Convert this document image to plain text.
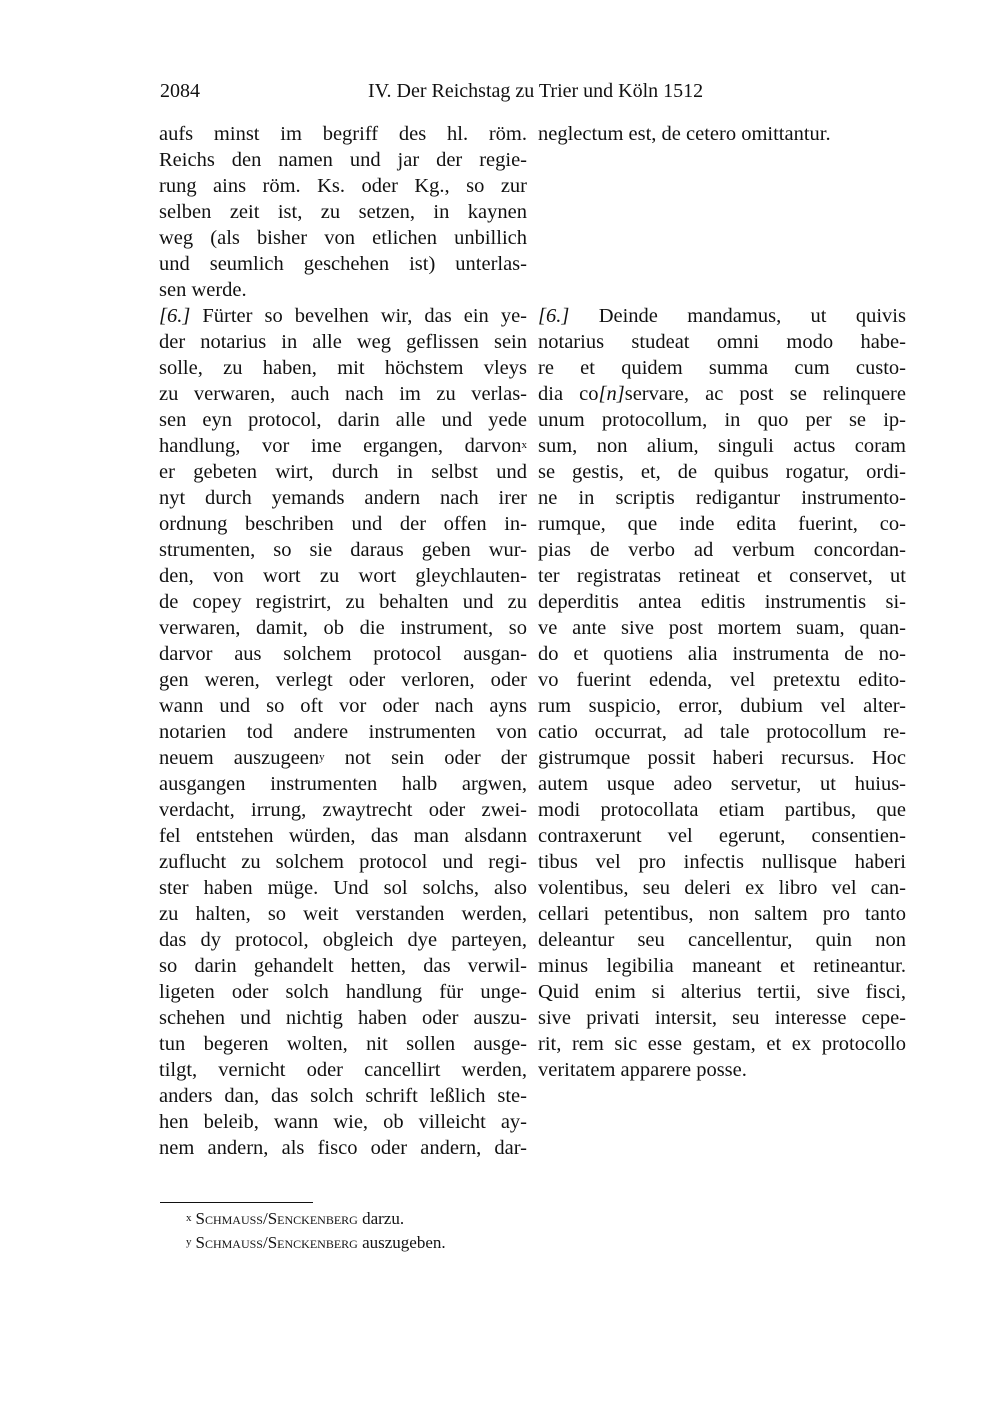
2084	IV. Der Reichstag zu Trier und Köln 1512
aufs minst im begriff des hl. röm.
Reichs den namen und jar der regie-
rung ains röm. Ks. oder Kg., so zur
selben zeit ist, zu setzen, in kaynen
weg (als bisher von etlichen unbillich
und seumlich geschehen ist) unterlas-
sen werde.
[6.] Fürter so bevelhen wir, das ein ye-
der notarius in alle weg geflissen sein
solle, zu haben, mit höchstem vleys
zu verwaren, auch nach im zu verlas-
sen eyn protocol, darin alle und yede
handlung, vor ime ergangen, darvon$^x$
er gebeten wirt, durch in selbst und
nyt durch yemands andern nach irer
ordnung beschriben und der offen in-
strumenten, so sie daraus geben wur-
den, von wort zu wort gleychlauten-
de copey registrirt, zu behalten und zu
verwaren, damit, ob die instrument, so
darvor aus solchem protocol ausgan-
gen weren, verlegt oder verloren, oder
wann und so oft vor oder nach ayns
notarien tod andere instrumenten von
neuem auszugeen$^y$ not sein oder der
ausgangen instrumenten halb argwen,
verdacht, irrung, zwaytrecht oder zwei-
fel entstehen würden, das man alsdann
zuflucht zu solchem protocol und regi-
ster haben müge. Und sol solchs, also
zu halten, so weit verstanden werden,
das dy protocol, obgleich dye parteyen,
so darin gehandelt hetten, das verwil-
ligeten oder solch handlung für unge-
schehen und nichtig haben oder auszu-
tun begeren wolten, nit sollen ausge-
tilgt, vernicht oder cancellirt werden,
anders dan, das solch schrift leßlich ste-
hen beleib, wann wie, ob villeicht ay-
nem andern, als fisco oder andern, dar-
neglectum est, de cetero omittantur.
[6.] Deinde mandamus, ut quivis
notarius studeat omni modo habe-
re et quidem summa cum custo-
dia co[n]servare, ac post se relinquere
unum protocollum, in quo per se ip-
sum, non alium, singuli actus coram
se gestis, et, de quibus rogatur, ordi-
ne in scriptis redigantur instrumento-
rumque, que inde edita fuerint, co-
pias de verbo ad verbum concordan-
ter registratas retineat et conservet, ut
deperditis antea editis instrumentis si-
ve ante sive post mortem suam, quan-
do et quotiens alia instrumenta de no-
vo fuerint edenda, vel pretextu edito-
rum suspicio, error, dubium vel alter-
catio occurrat, ad tale protocollum re-
gistrumque possit haberi recursus. Hoc
autem usque adeo servetur, ut huius-
modi protocollata etiam partibus, que
contraxerunt vel egerunt, consentien-
tibus vel pro infectis nullisque haberi
volentibus, seu deleri ex libro vel can-
cellari petentibus, non saltem pro tanto
deleantur seu cancellentur, quin non
minus legibilia maneant et retineantur.
Quid enim si alterius tertii, sive fisci,
sive privati intersit, seu interesse cepe-
rit, rem sic esse gestam, et ex protocollo
veritatem apparere posse.
$^x$ Schmauss/Senckenberg darzu.
$^y$ Schmauss/Senckenberg auszugeben.
